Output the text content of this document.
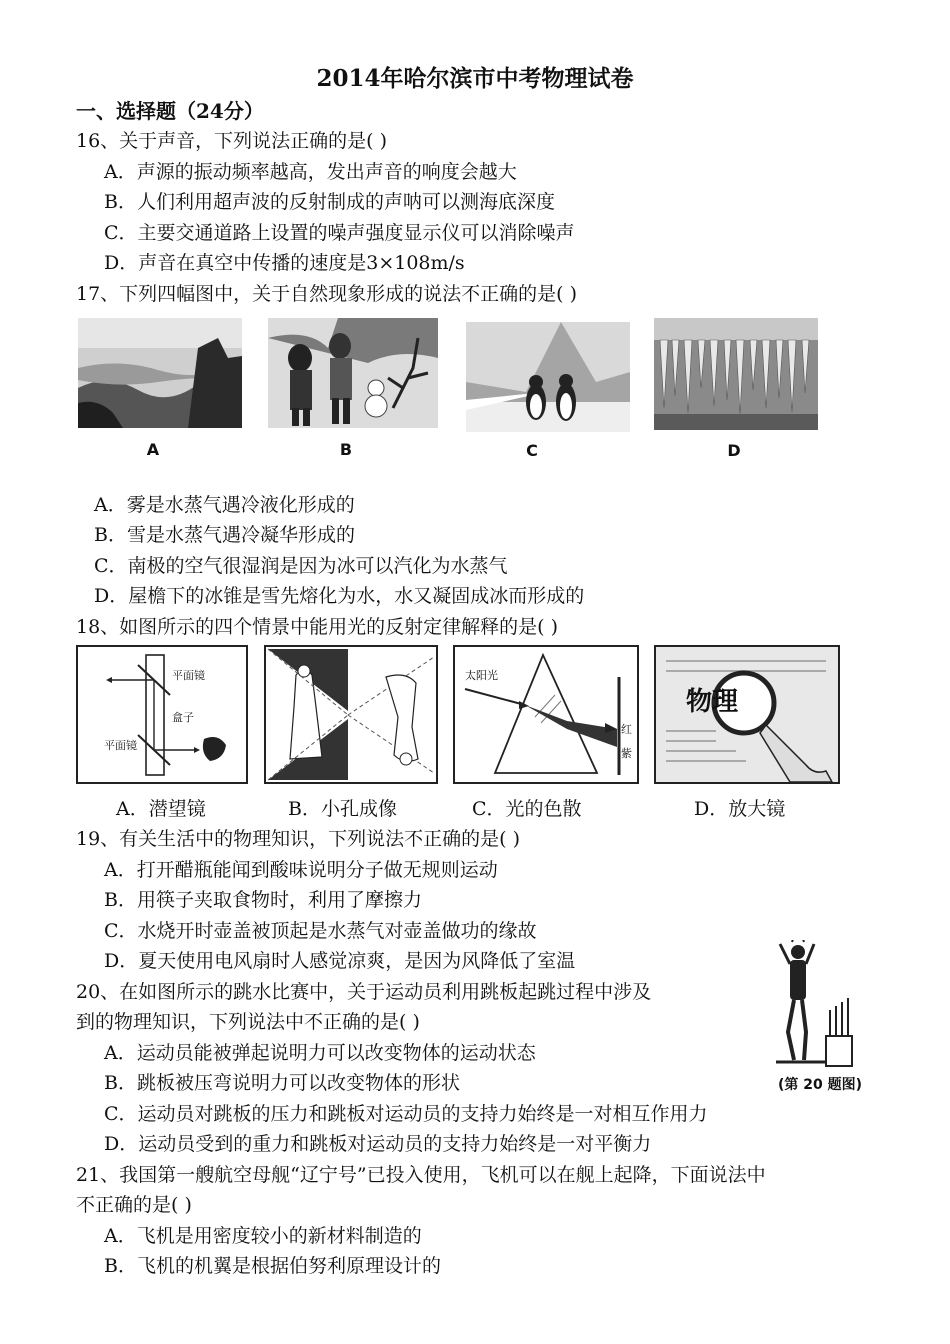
2014年哈尔滨市中考物理试卷
一、选择题（24分）
16、关于声音，下列说法正确的是( )
A．声源的振动频率越高，发出声音的响度会越大
B．人们利用超声波的反射制成的声呐可以测海底深度
C．主要交通道路上设置的噪声强度显示仪可以消除噪声
D．声音在真空中传播的速度是3×108m/s
17、下列四幅图中，关于自然现象形成的说法不正确的是( )
A	B	C	D
A．雾是水蒸气遇冷液化形成的
B．雪是水蒸气遇冷凝华形成的
C．南极的空气很湿润是因为冰可以汽化为水蒸气
D．屋檐下的冰锥是雪先熔化为水，水又凝固成冰而形成的
18、如图所示的四个情景中能用光的反射定律解释的是( )
平面镜
盒子
平面镜
太阳光
红
紫
物理
A．潜望镜	B．小孔成像	C．光的色散	D．放大镜
19、有关生活中的物理知识，下列说法不正确的是( )
A．打开醋瓶能闻到酸味说明分子做无规则运动
B．用筷子夹取食物时，利用了摩擦力
C．水烧开时壶盖被顶起是水蒸气对壶盖做功的缘故
D．夏天使用电风扇时人感觉凉爽，是因为风降低了室温
20、在如图所示的跳水比赛中，关于运动员利用跳板起跳过程中涉及
到的物理知识，下列说法中不正确的是( )
A．运动员能被弹起说明力可以改变物体的运动状态
B．跳板被压弯说明力可以改变物体的形状
C．运动员对跳板的压力和跳板对运动员的支持力始终是一对相互作用力
D．运动员受到的重力和跳板对运动员的支持力始终是一对平衡力
(第 20 题图)
21、我国第一艘航空母舰“辽宁号”已投入使用，飞机可以在舰上起降，下面说法中
不正确的是( )
A．飞机是用密度较小的新材料制造的
B．飞机的机翼是根据伯努利原理设计的
